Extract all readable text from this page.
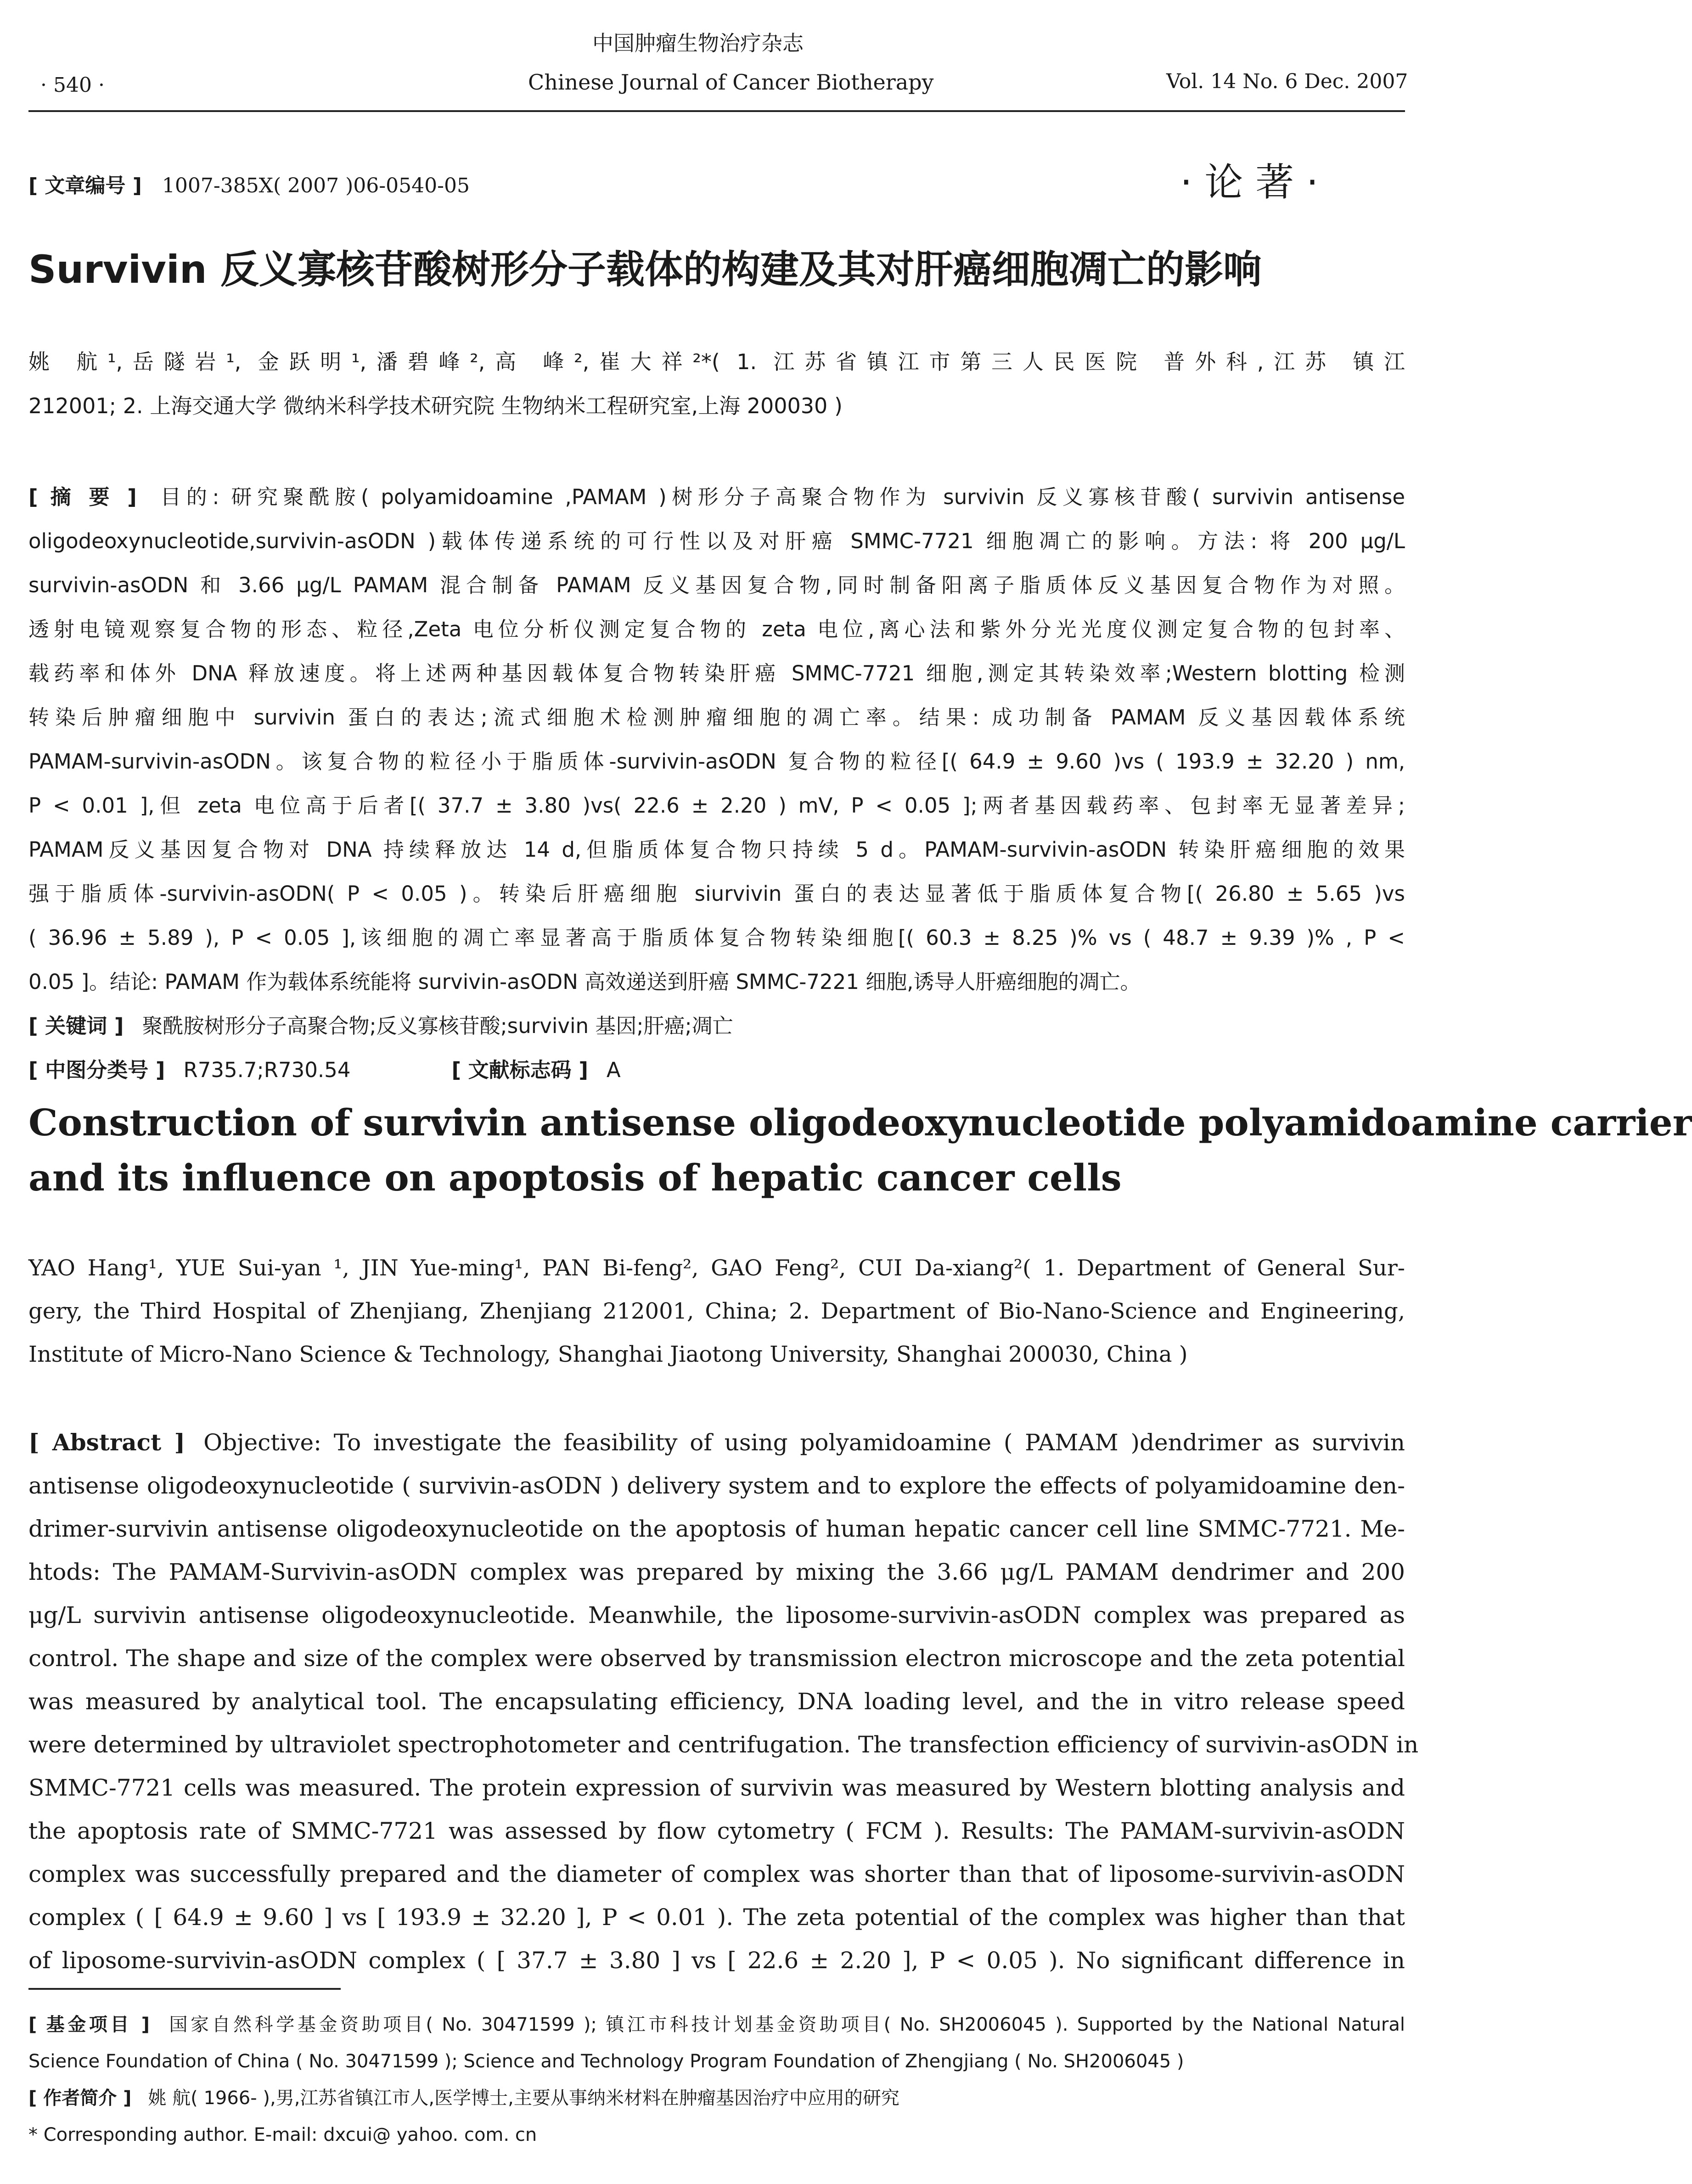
中国肿瘤生物治疗杂志
· 540 ·	Chinese Journal of Cancer Biotherapy	Vol. 14 No. 6 Dec. 2007
[ 文章编号 ] 1007-385X( 2007 )06-0540-05	· 论 著 ·
Survivin 反义寡核苷酸树形分子载体的构建及其对肝癌细胞凋亡的影响
姚 航¹,岳隧岩¹, 金跃明¹,潘碧峰²,高 峰²,崔大祥²*( 1. 江苏省镇江市第三人民医院 普外科,江苏 镇江
212001; 2. 上海交通大学 微纳米科学技术研究院 生物纳米工程研究室,上海 200030 )
[ 摘 要 ] 目的: 研究聚酰胺( polyamidoamine ,PAMAM )树形分子高聚合物作为 survivin 反义寡核苷酸( survivin antisense
oligodeoxynucleotide,survivin-asODN )载体传递系统的可行性以及对肝癌 SMMC-7721 细胞凋亡的影响。方法: 将 200 μg/L
survivin-asODN 和 3.66 μg/L PAMAM 混合制备 PAMAM 反义基因复合物,同时制备阳离子脂质体反义基因复合物作为对照。
透射电镜观察复合物的形态、粒径,Zeta 电位分析仪测定复合物的 zeta 电位,离心法和紫外分光光度仪测定复合物的包封率、
载药率和体外 DNA 释放速度。将上述两种基因载体复合物转染肝癌 SMMC-7721 细胞,测定其转染效率;Western blotting 检测
转染后肿瘤细胞中 survivin 蛋白的表达;流式细胞术检测肿瘤细胞的凋亡率。结果: 成功制备 PAMAM 反义基因载体系统
PAMAM-survivin-asODN。该复合物的粒径小于脂质体-survivin-asODN 复合物的粒径[( 64.9 ± 9.60 )vs ( 193.9 ± 32.20 ) nm,
P < 0.01 ],但 zeta 电位高于后者[( 37.7 ± 3.80 )vs( 22.6 ± 2.20 ) mV, P < 0.05 ];两者基因载药率、包封率无显著差异;
PAMAM反义基因复合物对 DNA 持续释放达 14 d,但脂质体复合物只持续 5 d。PAMAM-survivin-asODN 转染肝癌细胞的效果
强于脂质体-survivin-asODN( P < 0.05 )。转染后肝癌细胞 siurvivin 蛋白的表达显著低于脂质体复合物[( 26.80 ± 5.65 )vs
( 36.96 ± 5.89 ), P < 0.05 ],该细胞的凋亡率显著高于脂质体复合物转染细胞[( 60.3 ± 8.25 )% vs ( 48.7 ± 9.39 )% , P <
0.05 ]。结论: PAMAM 作为载体系统能将 survivin-asODN 高效递送到肝癌 SMMC-7221 细胞,诱导人肝癌细胞的凋亡。
[ 关键词 ] 聚酰胺树形分子高聚合物;反义寡核苷酸;survivin 基因;肝癌;凋亡
[ 中图分类号 ] R735.7;R730.54	[ 文献标志码 ] A
Construction of survivin antisense oligodeoxynucleotide polyamidoamine carrier
and its influence on apoptosis of hepatic cancer cells
YAO Hang¹, YUE Sui-yan ¹, JIN Yue-ming¹, PAN Bi-feng², GAO Feng², CUI Da-xiang²( 1. Department of General Sur-
gery, the Third Hospital of Zhenjiang, Zhenjiang 212001, China; 2. Department of Bio-Nano-Science and Engineering,
Institute of Micro-Nano Science & Technology, Shanghai Jiaotong University, Shanghai 200030, China )
[ Abstract ] Objective: To investigate the feasibility of using polyamidoamine ( PAMAM )dendrimer as survivin
antisense oligodeoxynucleotide ( survivin-asODN ) delivery system and to explore the effects of polyamidoamine den-
drimer-survivin antisense oligodeoxynucleotide on the apoptosis of human hepatic cancer cell line SMMC-7721. Me-
htods: The PAMAM-Survivin-asODN complex was prepared by mixing the 3.66 μg/L PAMAM dendrimer and 200
μg/L survivin antisense oligodeoxynucleotide. Meanwhile, the liposome-survivin-asODN complex was prepared as
control. The shape and size of the complex were observed by transmission electron microscope and the zeta potential
was measured by analytical tool. The encapsulating efficiency, DNA loading level, and the in vitro release speed
were determined by ultraviolet spectrophotometer and centrifugation. The transfection efficiency of survivin-asODN in
SMMC-7721 cells was measured. The protein expression of survivin was measured by Western blotting analysis and
the apoptosis rate of SMMC-7721 was assessed by flow cytometry ( FCM ). Results: The PAMAM-survivin-asODN
complex was successfully prepared and the diameter of complex was shorter than that of liposome-survivin-asODN
complex ( [ 64.9 ± 9.60 ] vs [ 193.9 ± 32.20 ], P < 0.01 ). The zeta potential of the complex was higher than that
of liposome-survivin-asODN complex ( [ 37.7 ± 3.80 ] vs [ 22.6 ± 2.20 ], P < 0.05 ). No significant difference in
[ 基金项目 ] 国家自然科学基金资助项目( No. 30471599 ); 镇江市科技计划基金资助项目( No. SH2006045 ). Supported by the National Natural
Science Foundation of China ( No. 30471599 ); Science and Technology Program Foundation of Zhengjiang ( No. SH2006045 )
[ 作者简介 ] 姚 航( 1966- ),男,江苏省镇江市人,医学博士,主要从事纳米材料在肿瘤基因治疗中应用的研究
* Corresponding author. E-mail: dxcui@ yahoo. com. cn
